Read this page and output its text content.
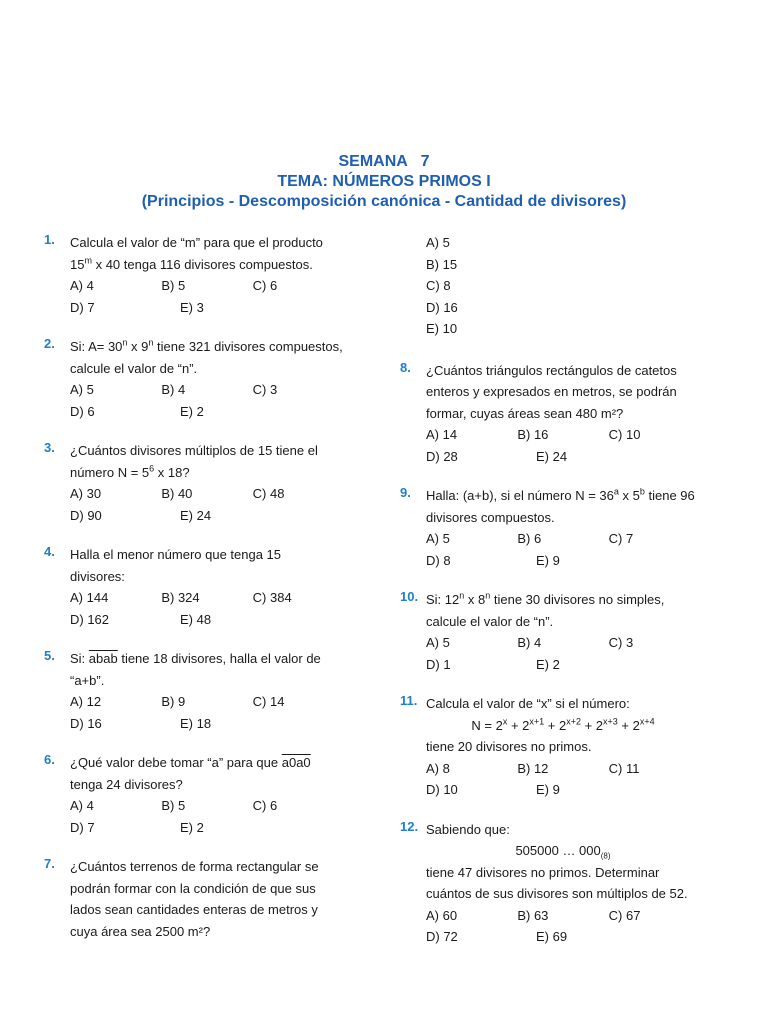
SEMANA   7
TEMA: NÚMEROS PRIMOS I
(Principios - Descomposición canónica - Cantidad de divisores)
1. Calcula el valor de “m” para que el producto
15$^m$ x 40 tenga 116 divisores compuestos.
A) 4	B) 5	C) 6
D) 7	E) 3
2. Si: $A= 30^n$ x 9$^n$ tiene 321 divisores compuestos,
calcule el valor de “n”.
A) 5	B) 4	C) 3
D) 6	E) 2
3. ¿Cuántos divisores múltiplos de 15 tiene el
número $N = 5^6$ x 18?
A) 30	B) 40	C) 48
D) 90	E) 24
4. Halla el menor número que tenga 15
divisores:
A) 144	B) 324	C) 384
D) 162	E) 48
5. Si: abab tiene 18 divisores, halla el valor de
“a+b”.
A) 12	B) 9	C) 14
D) 16	E) 18
6. ¿Qué valor debe tomar “a” para que a0a0
tenga 24 divisores?
A) 4	B) 5	C) 6
D) 7	E) 2
7. ¿Cuántos terrenos de forma rectangular se
podrán formar con la condición de que sus
lados sean cantidades enteras de metros y
cuya área sea 2500 m²?
A) 5
B) 15
C) 8
D) 16
E) 10
8. ¿Cuántos triángulos rectángulos de catetos
enteros y expresados en metros, se podrán
formar, cuyas áreas sean 480 m²?
A) 14	B) 16	C) 10
D) 28	E) 24
9. Halla: (a+b), si el número $N = 36^a$ x 5$^b$ tiene 96
divisores compuestos.
A) 5	B) 6	C) 7
D) 8	E) 9
10. Si: 12$^n$ x 8$^n$ tiene 30 divisores no simples,
calcule el valor de “n”.
A) 5	B) 4	C) 3
D) 1	E) 2
11. Calcula el valor de “x” si el número:
$N = 2^x + 2^{x+1} + 2^{x+2} + 2^{x+3} + 2^{x+4}$
tiene 20 divisores no primos.
A) 8	B) 12	C) 11
D) 10	E) 9
12. Sabiendo que:
505000 … $000_{(8)}$
tiene 47 divisores no primos. Determinar
cuántos de sus divisores son múltiplos de 52.
A) 60	B) 63	C) 67
D) 72	E) 69
